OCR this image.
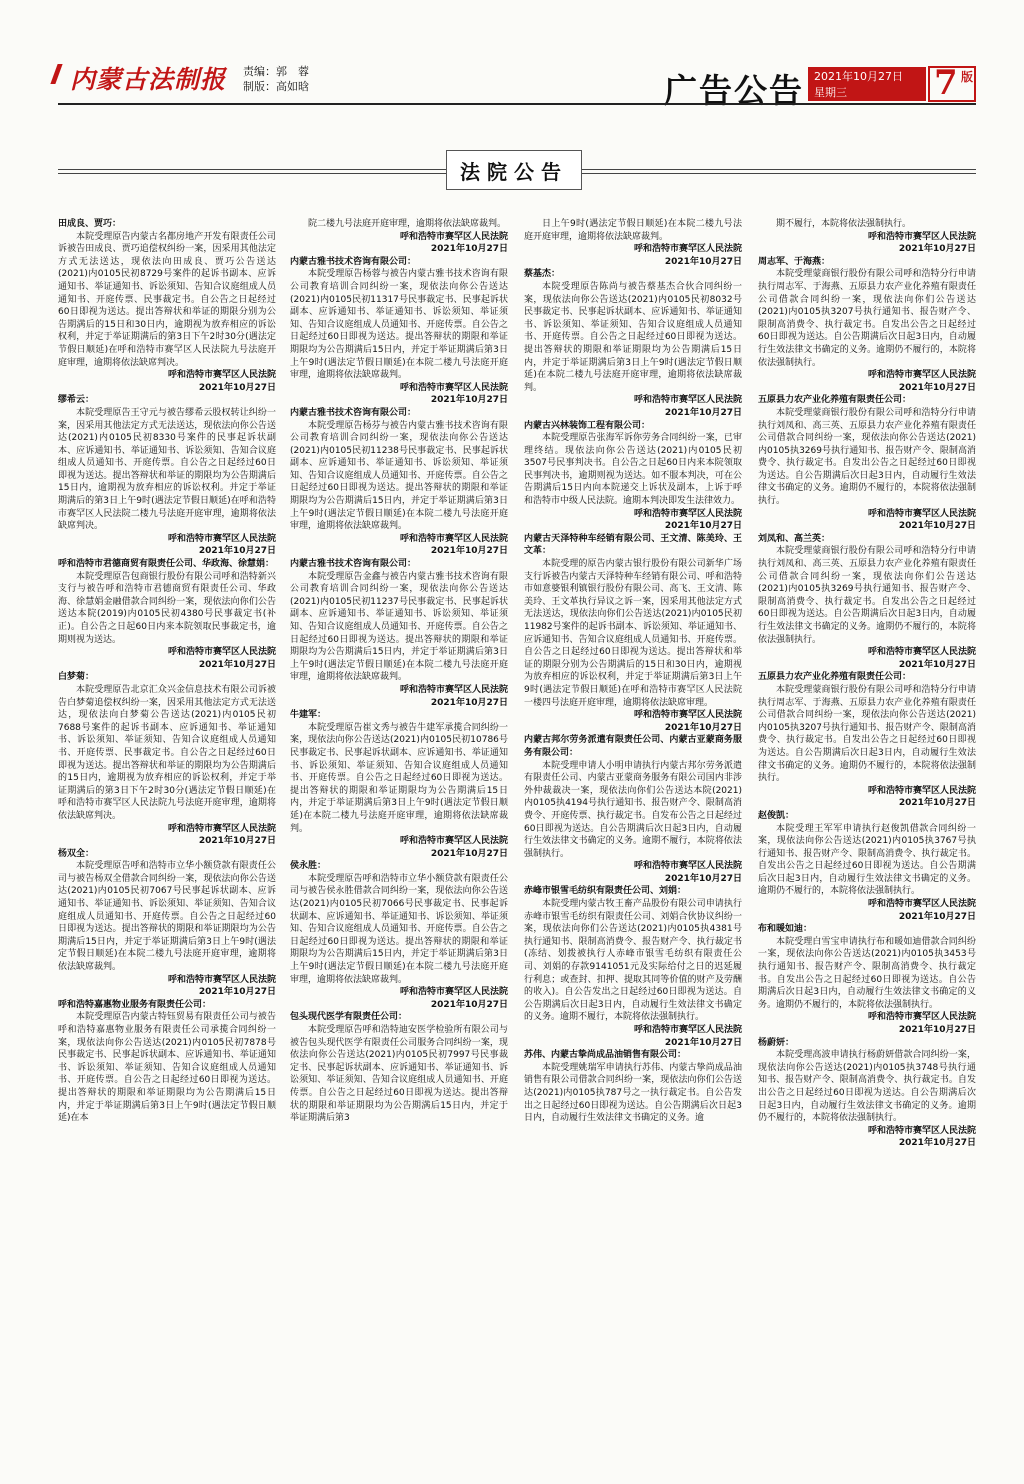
内蒙古法制报 责编：郭　蓉
制版：高如晗	广告公告 2021年10月27日
星期三	7 版
法院公告

田成良、贾巧：

本院受理原告内蒙古名都房地产开发有限责任公司诉被告田成良、贾巧追偿权纠纷一案，因采用其他法定方式无法送达，现依法向田成良、贾巧公告送达(2021)内0105民初8729号案件的起诉书副本、应诉通知书、举证通知书、诉讼须知、告知合议庭组成人员通知书、开庭传票、民事裁定书。自公告之日起经过60日即视为送达。提出答辩状和举证的期限分别为公告期满后的15日和30日内，逾期视为放弃相应的诉讼权利，并定于举证期满后的第3日下午2时30分(遇法定节假日顺延)在呼和浩特市赛罕区人民法院九号法庭开庭审理，逾期将依法缺席判决。

呼和浩特市赛罕区人民法院

2021年10月27日

缪希云：

本院受理原告王守元与被告缪希云股权转让纠纷一案，因采用其他法定方式无法送达，现依法向你公告送达(2021)内0105民初8330号案件的民事起诉状副本、应诉通知书、举证通知书、诉讼须知、告知合议庭组成人员通知书、开庭传票。自公告之日起经过60日即视为送达。提出答辩状和举证的期限均为公告期满后15日内，逾期视为放弃相应的诉讼权利。并定于举证期满后的第3日上午9时(遇法定节假日顺延)在呼和浩特市赛罕区人民法院二楼九号法庭开庭审理，逾期将依法缺席判决。

呼和浩特市赛罕区人民法院

2021年10月27日

呼和浩特市君德商贸有限责任公司、华政海、徐慧娟：

本院受理原告包商银行股份有限公司呼和浩特新兴支行与被告呼和浩特市君德商贸有限责任公司、华政海、徐慧娟金融借款合同纠纷一案，现依法向你们公告送达本院(2019)内0105民初4380号民事裁定书(补正)。自公告之日起60日内来本院领取民事裁定书，逾期则视为送达。

呼和浩特市赛罕区人民法院

2021年10月27日

白梦菊：

本院受理原告北京汇众兴金信息技术有限公司诉被告白梦菊追偿权纠纷一案，因采用其他法定方式无法送达，现依法向白梦菊公告送达(2021)内0105民初7688号案件的起诉书副本、应诉通知书、举证通知书、诉讼须知、举证须知、告知合议庭组成人员通知书、开庭传票、民事裁定书。自公告之日起经过60日即视为送达。提出答辩状和举证的期限均为公告期满后的15日内，逾期视为放弃相应的诉讼权利，并定于举证期满后的第3日下午2时30分(遇法定节假日顺延)在呼和浩特市赛罕区人民法院九号法庭开庭审理，逾期将依法缺席判决。

呼和浩特市赛罕区人民法院

2021年10月27日

杨双全：

本院受理原告呼和浩特市立华小额贷款有限责任公司与被告杨双全借款合同纠纷一案，现依法向你公告送达(2021)内0105民初7067号民事起诉状副本、应诉通知书、举证通知书、诉讼须知、举证须知、告知合议庭组成人员通知书、开庭传票。自公告之日起经过60日即视为送达。提出答辩状的期限和举证期限均为公告期满后15日内，并定于举证期满后第3日上午9时(遇法定节假日顺延)在本院二楼九号法庭开庭审理，逾期将依法缺席裁判。

呼和浩特市赛罕区人民法院

2021年10月27日

呼和浩特嘉惠物业服务有限责任公司：

本院受理原告内蒙古特钰贸易有限责任公司与被告呼和浩特嘉惠物业服务有限责任公司承揽合同纠纷一案，现依法向你公告送达(2021)内0105民初7878号民事裁定书、民事起诉状副本、应诉通知书、举证通知书、诉讼须知、举证须知、告知合议庭组成人员通知书、开庭传票。自公告之日起经过60日即视为送达。提出答辩状的期限和举证期限均为公告期满后15日内，并定于举证期满后第3日上午9时(遇法定节假日顺延)在本

院二楼九号法庭开庭审理，逾期将依法缺席裁判。

呼和浩特市赛罕区人民法院

2021年10月27日

内蒙古雅书技术咨询有限公司：

本院受理原告杨蓉与被告内蒙古雅书技术咨询有限公司教育培训合同纠纷一案，现依法向你公告送达(2021)内0105民初11317号民事裁定书、民事起诉状副本、应诉通知书、举证通知书、诉讼须知、举证须知、告知合议庭组成人员通知书、开庭传票。自公告之日起经过60日即视为送达。提出答辩状的期限和举证期限均为公告期满后15日内，并定于举证期满后第3日上午9时(遇法定节假日顺延)在本院二楼九号法庭开庭审理，逾期将依法缺席裁判。

呼和浩特市赛罕区人民法院

2021年10月27日

内蒙古雅书技术咨询有限公司：

本院受理原告杨芬与被告内蒙古雅书技术咨询有限公司教育培训合同纠纷一案，现依法向你公告送达(2021)内0105民初11238号民事裁定书、民事起诉状副本、应诉通知书、举证通知书、诉讼须知、举证须知、告知合议庭组成人员通知书、开庭传票。自公告之日起经过60日即视为送达。提出答辩状的期限和举证期限均为公告期满后15日内，并定于举证期满后第3日上午9时(遇法定节假日顺延)在本院二楼九号法庭开庭审理，逾期将依法缺席裁判。

呼和浩特市赛罕区人民法院

2021年10月27日

内蒙古雅书技术咨询有限公司：

本院受理原告金鑫与被告内蒙古雅书技术咨询有限公司教育培训合同纠纷一案，现依法向你公告送达(2021)内0105民初11237号民事裁定书、民事起诉状副本、应诉通知书、举证通知书、诉讼须知、举证须知、告知合议庭组成人员通知书、开庭传票。自公告之日起经过60日即视为送达。提出答辩状的期限和举证期限均为公告期满后15日内，并定于举证期满后第3日上午9时(遇法定节假日顺延)在本院二楼九号法庭开庭审理，逾期将依法缺席裁判。

呼和浩特市赛罕区人民法院

2021年10月27日

牛建军：

本院受理原告崔文秀与被告牛建军承揽合同纠纷一案，现依法向你公告送达(2021)内0105民初10786号民事裁定书、民事起诉状副本、应诉通知书、举证通知书、诉讼须知、举证须知、告知合议庭组成人员通知书、开庭传票。自公告之日起经过60日即视为送达。提出答辩状的期限和举证期限均为公告期满后15日内，并定于举证期满后第3日上午9时(遇法定节假日顺延)在本院二楼九号法庭开庭审理，逾期将依法缺席裁判。

呼和浩特市赛罕区人民法院

2021年10月27日

侯永胜：

本院受理原告呼和浩特市立华小额贷款有限责任公司与被告侯永胜借款合同纠纷一案，现依法向你公告送达(2021)内0105民初7066号民事裁定书、民事起诉状副本、应诉通知书、举证通知书、诉讼须知、举证须知、告知合议庭组成人员通知书、开庭传票。自公告之日起经过60日即视为送达。提出答辩状的期限和举证期限均为公告期满后15日内，并定于举证期满后第3日上午9时(遇法定节假日顺延)在本院二楼九号法庭开庭审理，逾期将依法缺席裁判。

呼和浩特市赛罕区人民法院

2021年10月27日

包头现代医学有限责任公司：

本院受理原告呼和浩特迪安医学检验所有限公司与被告包头现代医学有限责任公司服务合同纠纷一案，现依法向你公告送达(2021)内0105民初7997号民事裁定书、民事起诉状副本、应诉通知书、举证通知书、诉讼须知、举证须知、告知合议庭组成人员通知书、开庭传票。自公告之日起经过60日即视为送达。提出答辩状的期限和举证期限均为公告期满后15日内，并定于举证期满后第3

日上午9时(遇法定节假日顺延)在本院二楼九号法庭开庭审理，逾期将依法缺席裁判。

呼和浩特市赛罕区人民法院

2021年10月27日

蔡基杰：

本院受理原告陈尚与被告蔡基杰合伙合同纠纷一案，现依法向你公告送达(2021)内0105民初8032号民事裁定书、民事起诉状副本、应诉通知书、举证通知书、诉讼须知、举证须知、告知合议庭组成人员通知书、开庭传票。自公告之日起经过60日即视为送达。提出答辩状的期限和举证期限均为公告期满后15日内，并定于举证期满后第3日上午9时(遇法定节假日顺延)在本院二楼九号法庭开庭审理，逾期将依法缺席裁判。

呼和浩特市赛罕区人民法院

2021年10月27日

内蒙古兴林装饰工程有限公司：

本院受理原告张海军诉你劳务合同纠纷一案，已审理终结。现依法向你公告送达(2021)内0105民初3507号民事判决书。自公告之日起60日内来本院领取民事判决书，逾期则视为送达。如不服本判决，可在公告期满后15日内向本院递交上诉状及副本，上诉于呼和浩特市中级人民法院。逾期本判决即发生法律效力。

呼和浩特市赛罕区人民法院

2021年10月27日

内蒙古天泽特种车经销有限公司、王文清、陈美玲、王文革：

本院受理的原告内蒙古银行股份有限公司新华广场支行诉被告内蒙古天泽特种车经销有限公司、呼和浩特市如意婆银利镇银行股份有限公司、高飞、王文清、陈美玲、王文革执行异议之诉一案，因采用其他法定方式无法送达，现依法向你们公告送达(2021)内0105民初11982号案件的起诉书副本、诉讼须知、举证通知书、应诉通知书、告知合议庭组成人员通知书、开庭传票。自公告之日起经过60日即视为送达。提出答辩状和举证的期限分别为公告期满后的15日和30日内，逾期视为放弃相应的诉讼权利，并定于举证期满后第3日上午9时(遇法定节假日顺延)在呼和浩特市赛罕区人民法院一楼四号法庭开庭审理，逾期将依法缺席审理。

呼和浩特市赛罕区人民法院

2021年10月27日

内蒙古邦尔劳务派遣有限责任公司、内蒙古亚蒙商务服务有限公司：

本院受理申请人小明申请执行内蒙古邦尔劳务派遣有限责任公司、内蒙古亚蒙商务服务有限公司国内非涉外仲裁裁决一案，现依法向你们公告送达本院(2021)内0105执4194号执行通知书、报告财产令、限制高消费令、开庭传票、执行裁定书。自发布公告之日起经过60日即视为送达。自公告期满后次日起3日内，自动履行生效法律文书确定的义务。逾期不履行，本院将依法强制执行。

呼和浩特市赛罕区人民法院

2021年10月27日

赤峰市银雪毛纺织有限责任公司、刘娟：

本院受理内蒙古牧王畜产品股份有限公司申请执行赤峰市银雪毛纺织有限责任公司、刘娟合伙协议纠纷一案，现依法向你们公告送达(2021)内0105执4381号执行通知书、限制高消费令、报告财产令、执行裁定书(冻结、划拨被执行人赤峰市银雪毛纺织有限责任公司、刘娟的存款9141051元及实际给付之日的迟延履行利息；或查封、扣押、提取其同等价值的财产及劳酬的收入)。自公告发出之日起经过60日即视为送达。自公告期满后次日起3日内，自动履行生效法律文书确定的义务。逾期不履行，本院将依法强制执行。

呼和浩特市赛罕区人民法院

2021年10月27日

苏伟、内蒙古挚尚成品油销售有限公司：

本院受理姚瑞军申请执行苏伟、内蒙古挚尚成品油销售有限公司借款合同纠纷一案，现依法向你们公告送达(2021)内0105执787号之一执行裁定书。自公告发出之日起经过60日即视为送达。自公告期满后次日起3日内，自动履行生效法律文书确定的义务。逾

期不履行，本院将依法强制执行。

呼和浩特市赛罕区人民法院

2021年10月27日

周志军、于海燕：

本院受理蒙商银行股份有限公司呼和浩特分行申请执行周志军、于海燕、五原县力农产业化养殖有限责任公司借款合同纠纷一案，现依法向你们公告送达(2021)内0105执3207号执行通知书、报告财产令、限制高消费令、执行裁定书。自发出公告之日起经过60日即视为送达。自公告期满后次日起3日内，自动履行生效法律文书确定的义务。逾期仍不履行的，本院将依法强制执行。

呼和浩特市赛罕区人民法院

2021年10月27日

五原县力农产业化养殖有限责任公司：

本院受理蒙商银行股份有限公司呼和浩特分行申请执行刘凤和、高三英、五原县力农产业化养殖有限责任公司借款合同纠纷一案，现依法向你公告送达(2021)内0105执3269号执行通知书、报告财产令、限制高消费令、执行裁定书。自发出公告之日起经过60日即视为送达。自公告期满后次日起3日内，自动履行生效法律文书确定的义务。逾期仍不履行的，本院将依法强制执行。

呼和浩特市赛罕区人民法院

2021年10月27日

刘凤和、高兰英：

本院受理蒙商银行股份有限公司呼和浩特分行申请执行刘凤和、高三英、五原县力农产业化养殖有限责任公司借款合同纠纷一案，现依法向你们公告送达(2021)内0105执3269号执行通知书、报告财产令、限制高消费令、执行裁定书。自发出公告之日起经过60日即视为送达。自公告期满后次日起3日内，自动履行生效法律文书确定的义务。逾期仍不履行的，本院将依法强制执行。

呼和浩特市赛罕区人民法院

2021年10月27日

五原县力农产业化养殖有限责任公司：

本院受理蒙商银行股份有限公司呼和浩特分行申请执行周志军、于海燕、五原县力农产业化养殖有限责任公司借款合同纠纷一案，现依法向你公告送达(2021)内0105执3207号执行通知书、报告财产令、限制高消费令、执行裁定书。自发出公告之日起经过60日即视为送达。自公告期满后次日起3日内，自动履行生效法律文书确定的义务。逾期仍不履行的，本院将依法强制执行。

呼和浩特市赛罕区人民法院

2021年10月27日

赵俊凯：

本院受理王军军申请执行赵俊凯借款合同纠纷一案，现依法向你公告送达(2021)内0105执3767号执行通知书、报告财产令、限制高消费令、执行裁定书。自发出公告之日起经过60日即视为送达。自公告期满后次日起3日内，自动履行生效法律文书确定的义务。逾期仍不履行的，本院将依法强制执行。

呼和浩特市赛罕区人民法院

2021年10月27日

布和暖如迪：

本院受理白雪宝申请执行布和暖如迪借款合同纠纷一案，现依法向你公告送达(2021)内0105执3453号执行通知书、报告财产令、限制高消费令、执行裁定书。自发出公告之日起经过60日即视为送达。自公告期满后次日起3日内，自动履行生效法律文书确定的义务。逾期仍不履行的，本院将依法强制执行。

呼和浩特市赛罕区人民法院

2021年10月27日

杨蔚妍：

本院受理高波申请执行杨蔚妍借款合同纠纷一案，现依法向你公告送达(2021)内0105执3748号执行通知书、报告财产令、限制高消费令、执行裁定书。自发出公告之日起经过60日即视为送达。自公告期满后次日起3日内，自动履行生效法律文书确定的义务。逾期仍不履行的，本院将依法强制执行。

呼和浩特市赛罕区人民法院

2021年10月27日
